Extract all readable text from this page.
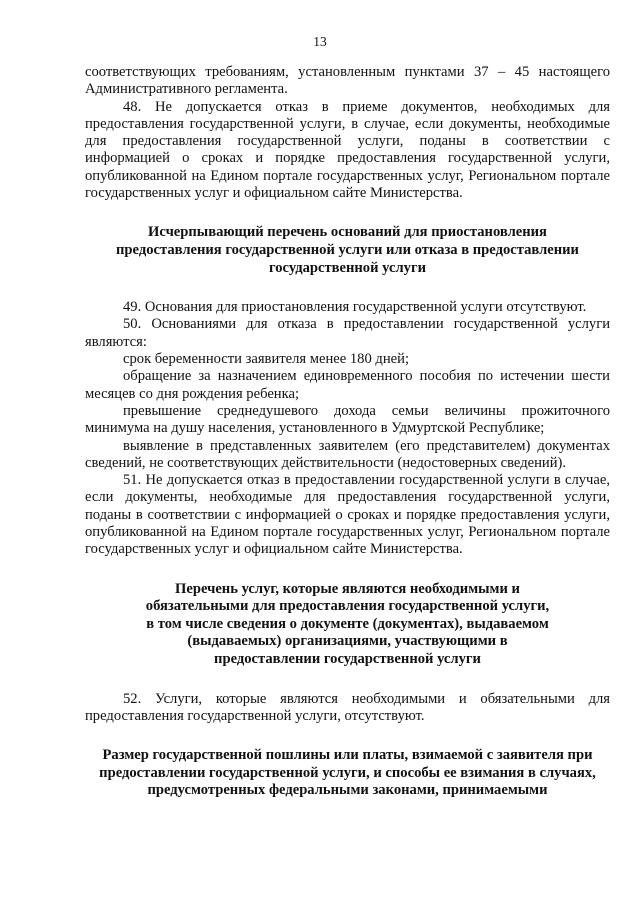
13

соответствующих требованиям, установленным пунктами 37 – 45 настоящего Административного регламента.

48. Не допускается отказ в приеме документов, необходимых для предоставления государственной услуги, в случае, если документы, необходимые для предоставления государственной услуги, поданы в соответствии с информацией о сроках и порядке предоставления государственной услуги, опубликованной на Едином портале государственных услуг, Региональном портале государственных услуг и официальном сайте Министерства.

Исчерпывающий перечень оснований для приостановления предоставления государственной услуги или отказа в предоставлении государственной услуги

49. Основания для приостановления государственной услуги отсутствуют.

50. Основаниями для отказа в предоставлении государственной услуги являются:

срок беременности заявителя менее 180 дней;

обращение за назначением единовременного пособия по истечении шести месяцев со дня рождения ребенка;

превышение среднедушевого дохода семьи величины прожиточного минимума на душу населения, установленного в Удмуртской Республике;

выявление в представленных заявителем (его представителем) документах сведений, не соответствующих действительности (недостоверных сведений).

51. Не допускается отказ в предоставлении государственной услуги в случае, если документы, необходимые для предоставления государственной услуги, поданы в соответствии с информацией о сроках и порядке предоставления услуги, опубликованной на Едином портале государственных услуг, Региональном портале государственных услуг и официальном сайте Министерства.

Перечень услуг, которые являются необходимыми и обязательными для предоставления государственной услуги, в том числе сведения о документе (документах), выдаваемом (выдаваемых) организациями, участвующими в предоставлении государственной услуги

52. Услуги, которые являются необходимыми и обязательными для предоставления государственной услуги, отсутствуют.

Размер государственной пошлины или платы, взимаемой с заявителя при предоставлении государственной услуги, и способы ее взимания в случаях, предусмотренных федеральными законами, принимаемыми
